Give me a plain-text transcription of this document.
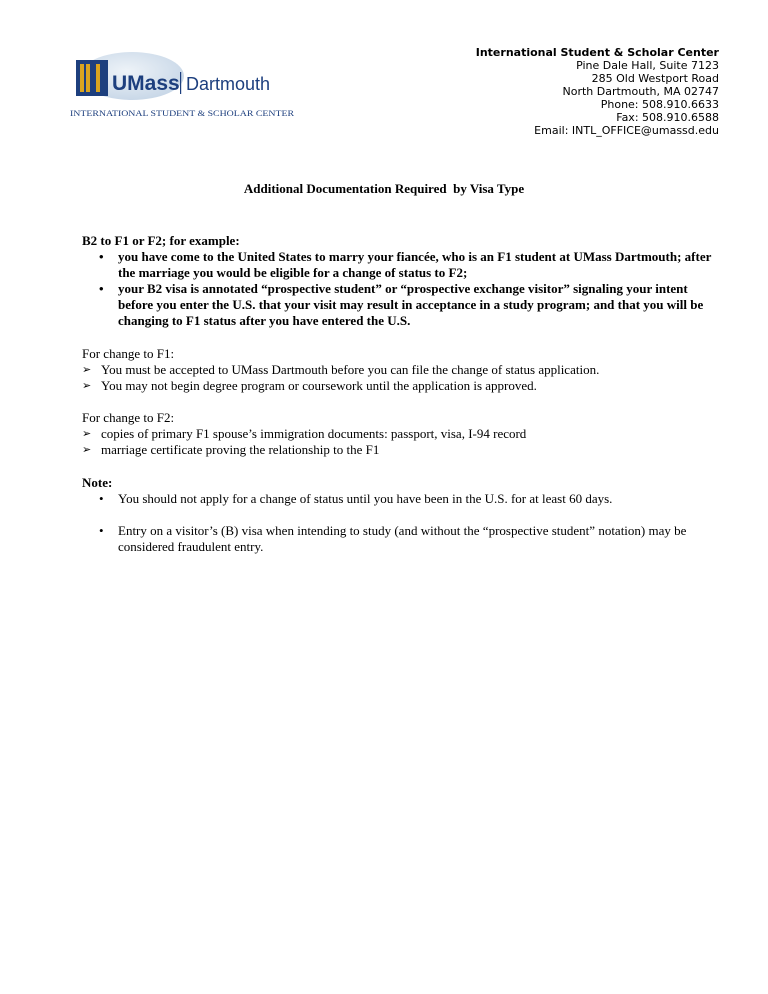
UMass Dartmouth
INTERNATIONAL STUDENT & SCHOLAR CENTER
International Student & Scholar Center
Pine Dale Hall, Suite 7123
285 Old Westport Road
North Dartmouth, MA 02747
Phone: 508.910.6633
Fax: 508.910.6588
Email: INTL_OFFICE@umassd.edu
Additional Documentation Required  by Visa Type

B2 to F1 or F2; for example:

• you have come to the United States to marry your fiancée, who is an F1 student at UMass Dartmouth; after the marriage you would be eligible for a change of status to F2;
• your B2 visa is annotated “prospective student” or “prospective exchange visitor” signaling your intent before you enter the U.S. that your visit may result in acceptance in a study program; and that you will be changing to F1 status after you have entered the U.S.

For change to F1:

➢ You must be accepted to UMass Dartmouth before you can file the change of status application.
➢ You may not begin degree program or coursework until the application is approved.

For change to F2:

➢ copies of primary F1 spouse’s immigration documents: passport, visa, I-94 record
➢ marriage certificate proving the relationship to the F1

Note:

• You should not apply for a change of status until you have been in the U.S. for at least 60 days.
• Entry on a visitor’s (B) visa when intending to study (and without the “prospective student” notation) may be considered fraudulent entry.
